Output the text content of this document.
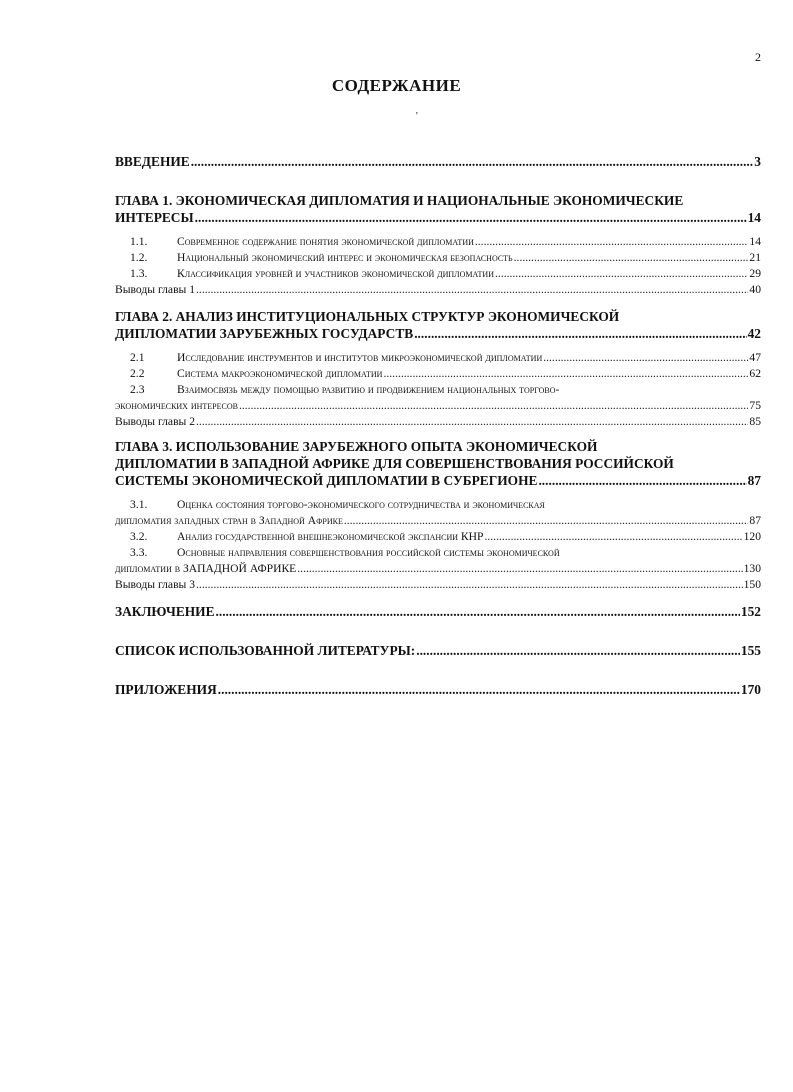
2
СОДЕРЖАНИЕ
'
ВВЕДЕНИЕ .....	3
ГЛАВА 1. ЭКОНОМИЧЕСКАЯ ДИПЛОМАТИЯ И НАЦИОНАЛЬНЫЕ ЭКОНОМИЧЕСКИЕ
ИНТЕРЕСЫ .....	14
1.1.	Современное содержание понятия экономической дипломатии .....	14
1.2.	Национальный экономический интерес и экономическая безопасность .....	21
1.3.	Классификация уровней и участников экономической дипломатии .....	29
Выводы главы 1 .....	40
ГЛАВА 2. АНАЛИЗ ИНСТИТУЦИОНАЛЬНЫХ СТРУКТУР ЭКОНОМИЧЕСКОЙ
ДИПЛОМАТИИ ЗАРУБЕЖНЫХ ГОСУДАРСТВ .....	42
2.1	Исследование инструментов и институтов микроэкономической дипломатии .....	47
2.2	Система макроэкономической дипломатии .....	62
2.3	Взаимосвязь между помощью развитию и продвижением национальных торгово-
экономических интересов .....	75
Выводы главы 2 .....	85
ГЛАВА 3. ИСПОЛЬЗОВАНИЕ ЗАРУБЕЖНОГО ОПЫТА ЭКОНОМИЧЕСКОЙ
ДИПЛОМАТИИ В ЗАПАДНОЙ АФРИКЕ ДЛЯ СОВЕРШЕНСТВОВАНИЯ РОССИЙСКОЙ
СИСТЕМЫ ЭКОНОМИЧЕСКОЙ ДИПЛОМАТИИ В СУБРЕГИОНЕ .....	87
3.1.	Оценка состояния торгово-экономического сотрудничества и экономическая
дипломатия западных стран в Западной Африке .....	87
3.2.	Анализ государственной внешнеэкономической экспансии КНР .....	120
3.3.	Основные направления совершенствования российской системы экономической
дипломатии в ЗАПАДНОЙ АФРИКЕ .....	130
Выводы главы 3 .....	150
ЗАКЛЮЧЕНИЕ .....	152
СПИСОК ИСПОЛЬЗОВАННОЙ ЛИТЕРАТУРЫ: .....	155
ПРИЛОЖЕНИЯ .....	170
